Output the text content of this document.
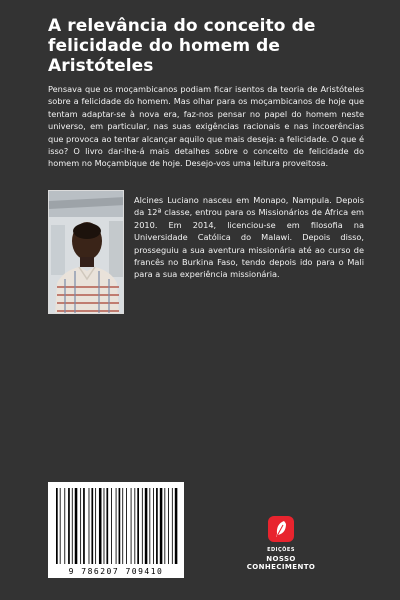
A relevância do conceito de felicidade do homem de Aristóteles
Pensava que os moçambicanos podiam ficar isentos da teoria de Aristóteles sobre a felicidade do homem. Mas olhar para os moçambicanos de hoje que tentam adaptar-se à nova era, faz-nos pensar no papel do homem neste universo, em particular, nas suas exigências racionais e nas incoerências que provoca ao tentar alcançar aquilo que mais deseja: a felicidade. O que é isso? O livro dar-lhe-á mais detalhes sobre o conceito de felicidade do homem no Moçambique de hoje. Desejo-vos uma leitura proveitosa.
Alcines Luciano nasceu em Monapo, Nampula. Depois da 12ª classe, entrou para os Missionários de África em 2010. Em 2014, licenciou-se em filosofia na Universidade Católica do Malawi. Depois disso, prosseguiu a sua aventura missionária até ao curso de francês no Burkina Faso, tendo depois ido para o Mali para a sua experiência missionária.
9 786207 709410
EDIÇÕES
NOSSO CONHECIMENTO
